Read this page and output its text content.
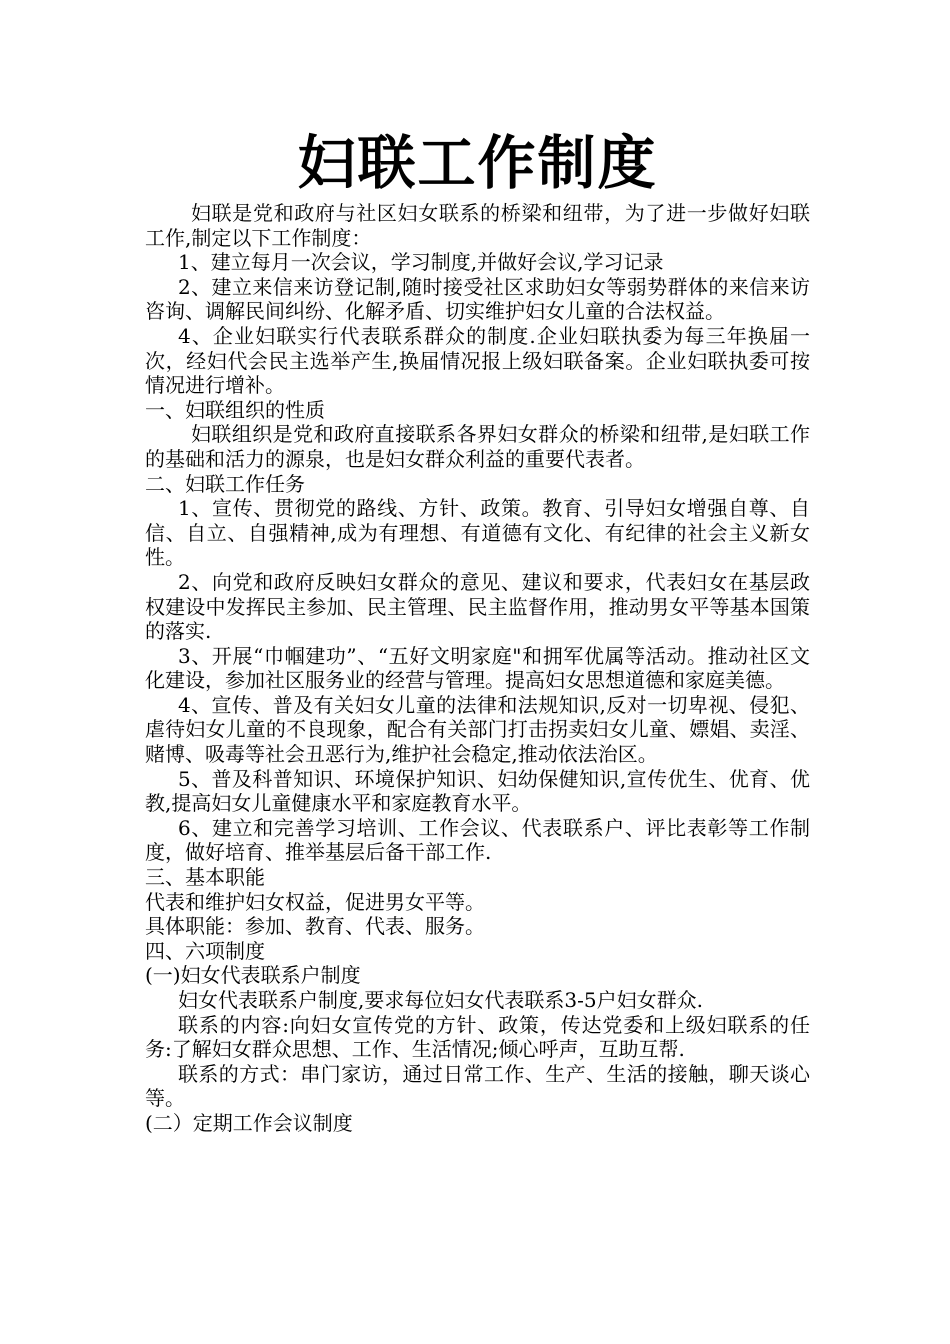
妇联工作制度

妇联是党和政府与社区妇女联系的桥梁和纽带，为了进一步做好妇联工作,制定以下工作制度：

1、建立每月一次会议，学习制度,并做好会议,学习记录

2、建立来信来访登记制,随时接受社区求助妇女等弱势群体的来信来访咨询、调解民间纠纷、化解矛盾、切实维护妇女儿童的合法权益。

4、企业妇联实行代表联系群众的制度.企业妇联执委为每三年换届一次，经妇代会民主选举产生,换届情况报上级妇联备案。企业妇联执委可按情况进行增补。

一、妇联组织的性质

妇联组织是党和政府直接联系各界妇女群众的桥梁和纽带,是妇联工作的基础和活力的源泉，也是妇女群众利益的重要代表者。

二、妇联工作任务

1、宣传、贯彻党的路线、方针、政策。教育、引导妇女增强自尊、自信、自立、自强精神,成为有理想、有道德有文化、有纪律的社会主义新女性。

2、向党和政府反映妇女群众的意见、建议和要求，代表妇女在基层政权建设中发挥民主参加、民主管理、民主监督作用，推动男女平等基本国策的落实.

3、开展“巾帼建功”、“五好文明家庭"和拥军优属等活动。推动社区文化建设，参加社区服务业的经营与管理。提高妇女思想道德和家庭美德。

4、宣传、普及有关妇女儿童的法律和法规知识,反对一切卑视、侵犯、虐待妇女儿童的不良现象，配合有关部门打击拐卖妇女儿童、嫖娼、卖淫、赌博、吸毒等社会丑恶行为,维护社会稳定,推动依法治区。

5、普及科普知识、环境保护知识、妇幼保健知识,宣传优生、优育、优教,提高妇女儿童健康水平和家庭教育水平。

6、建立和完善学习培训、工作会议、代表联系户、评比表彰等工作制度，做好培育、推举基层后备干部工作.

三、基本职能

代表和维护妇女权益，促进男女平等。

具体职能：参加、教育、代表、服务。

四、六项制度

(一)妇女代表联系户制度

妇女代表联系户制度,要求每位妇女代表联系3-5户妇女群众.

联系的内容:向妇女宣传党的方针、政策，传达党委和上级妇联系的任务:了解妇女群众思想、工作、生活情况;倾心呼声，互助互帮.

联系的方式：串门家访，通过日常工作、生产、生活的接触，聊天谈心等。

(二）定期工作会议制度
